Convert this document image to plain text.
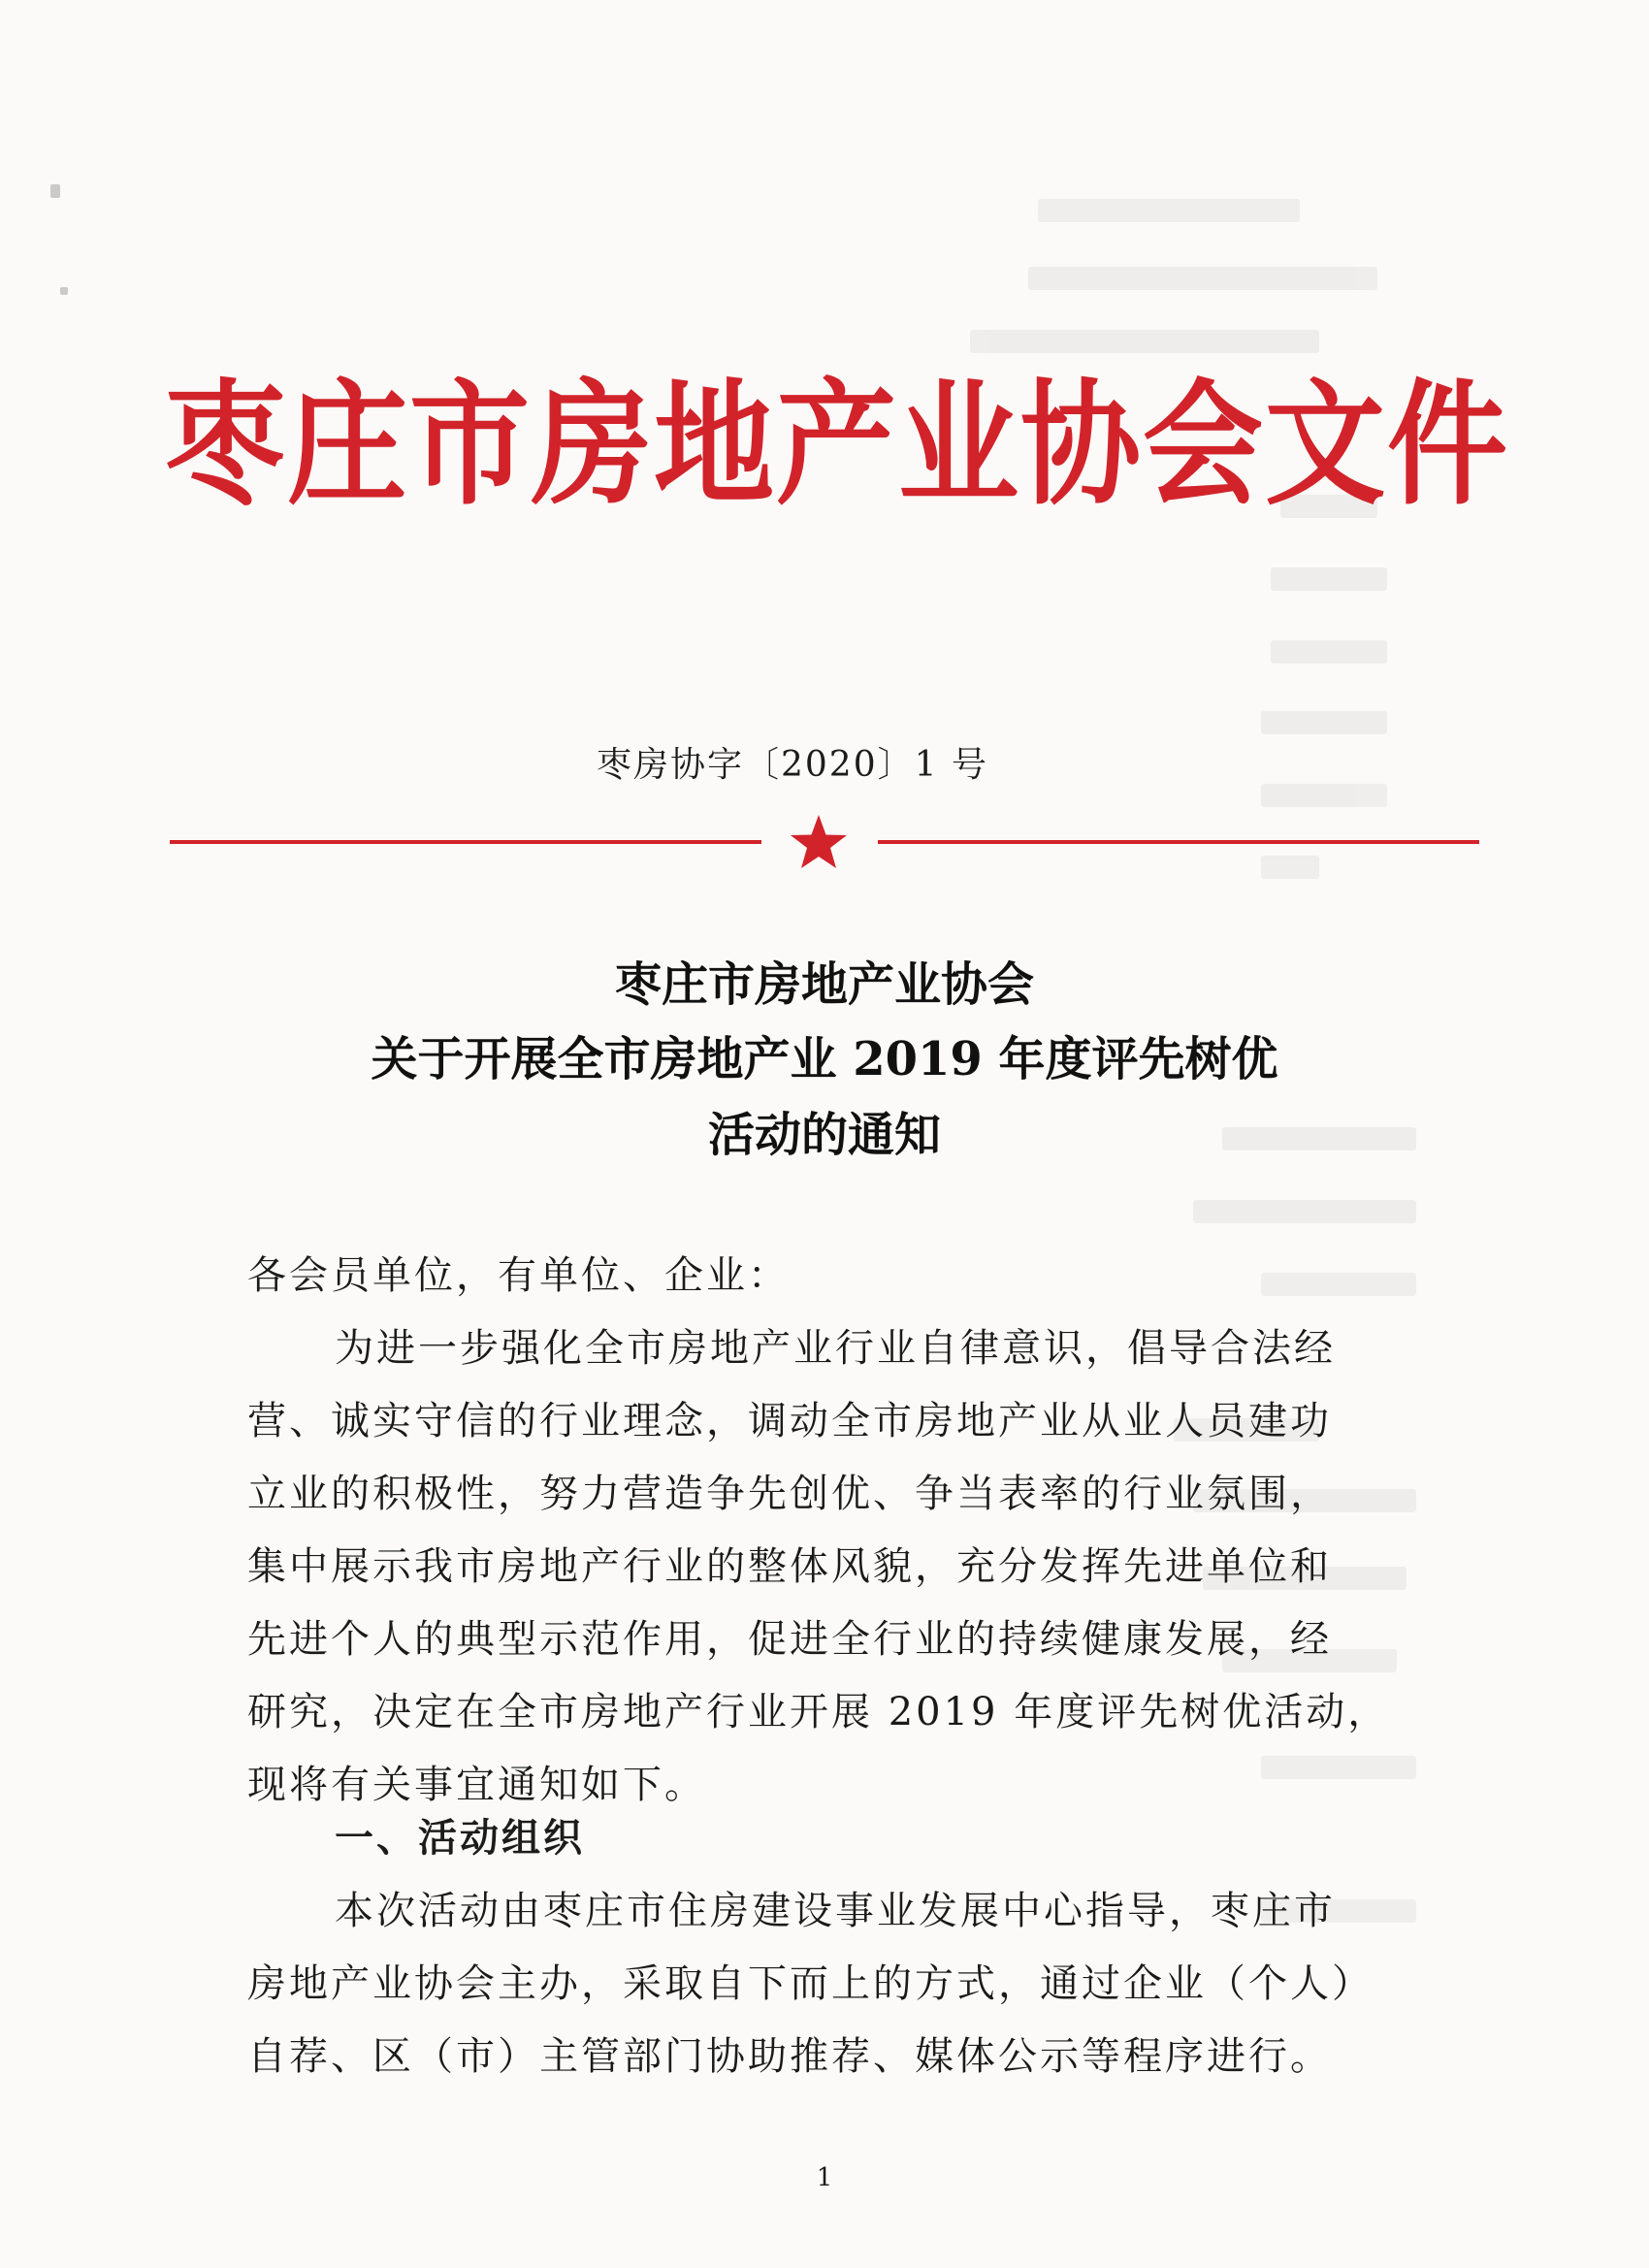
枣庄市房地产业协会文件
枣房协字〔2020〕1 号
枣庄市房地产业协会
关于开展全市房地产业 2019 年度评先树优
活动的通知
各会员单位，有单位、企业：
为进一步强化全市房地产业行业自律意识，倡导合法经
营、诚实守信的行业理念，调动全市房地产业从业人员建功
立业的积极性，努力营造争先创优、争当表率的行业氛围，
集中展示我市房地产行业的整体风貌，充分发挥先进单位和
先进个人的典型示范作用，促进全行业的持续健康发展，经
研究，决定在全市房地产行业开展 2019 年度评先树优活动，
现将有关事宜通知如下。
一、活动组织
本次活动由枣庄市住房建设事业发展中心指导，枣庄市
房地产业协会主办，采取自下而上的方式，通过企业（个人）
自荐、区（市）主管部门协助推荐、媒体公示等程序进行。
1
